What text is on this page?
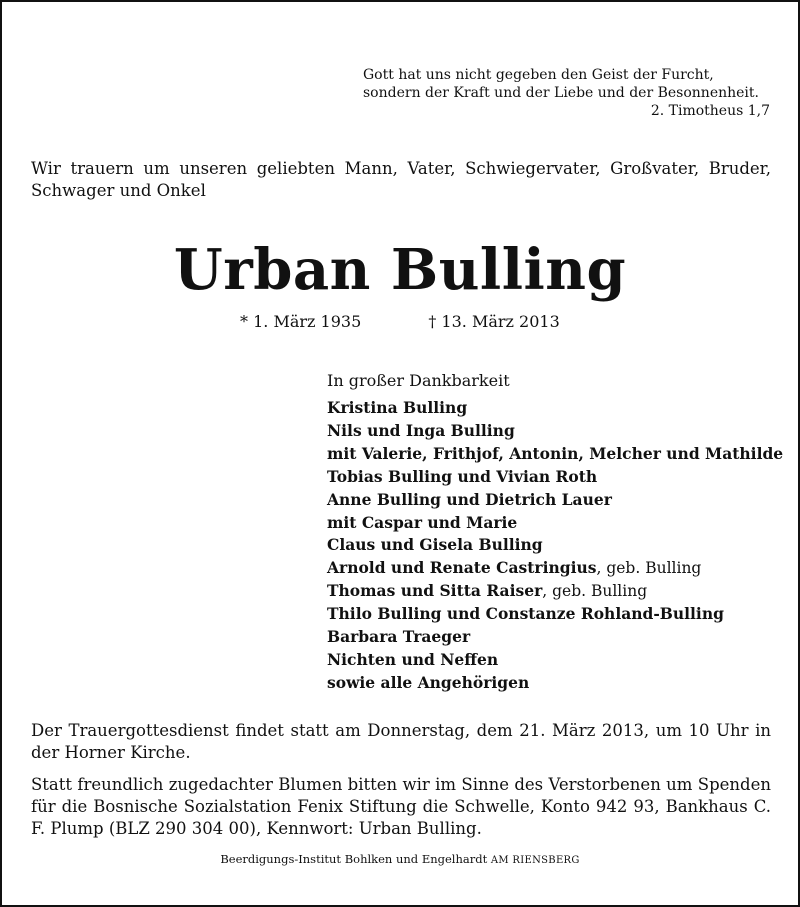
Gott hat uns nicht gegeben den Geist der Furcht,
sondern der Kraft und der Liebe und der Besonnenheit.
2. Timotheus 1,7
Wir trauern um unseren geliebten Mann, Vater, Schwiegervater, Großvater, Bruder, Schwager und Onkel
Urban Bulling
* 1. März 1935	† 13. März 2013
In großer Dankbarkeit
Kristina Bulling
Nils und Inga Bulling
mit Valerie, Frithjof, Antonin, Melcher und Mathilde
Tobias Bulling und Vivian Roth
Anne Bulling und Dietrich Lauer
mit Caspar und Marie
Claus und Gisela Bulling
Arnold und Renate Castringius, geb. Bulling
Thomas und Sitta Raiser, geb. Bulling
Thilo Bulling und Constanze Rohland-Bulling
Barbara Traeger
Nichten und Neffen
sowie alle Angehörigen
Der Trauergottesdienst findet statt am Donnerstag, dem 21. März 2013, um 10 Uhr in der Horner Kirche.
Statt freundlich zugedachter Blumen bitten wir im Sinne des Verstorbenen um Spenden für die Bosnische Sozialstation Fenix Stiftung die Schwelle, Konto 942 93, Bankhaus C. F. Plump (BLZ 290 304 00), Kennwort: Urban Bulling.
Beerdigungs-Institut Bohlken und Engelhardt AM RIENSBERG
